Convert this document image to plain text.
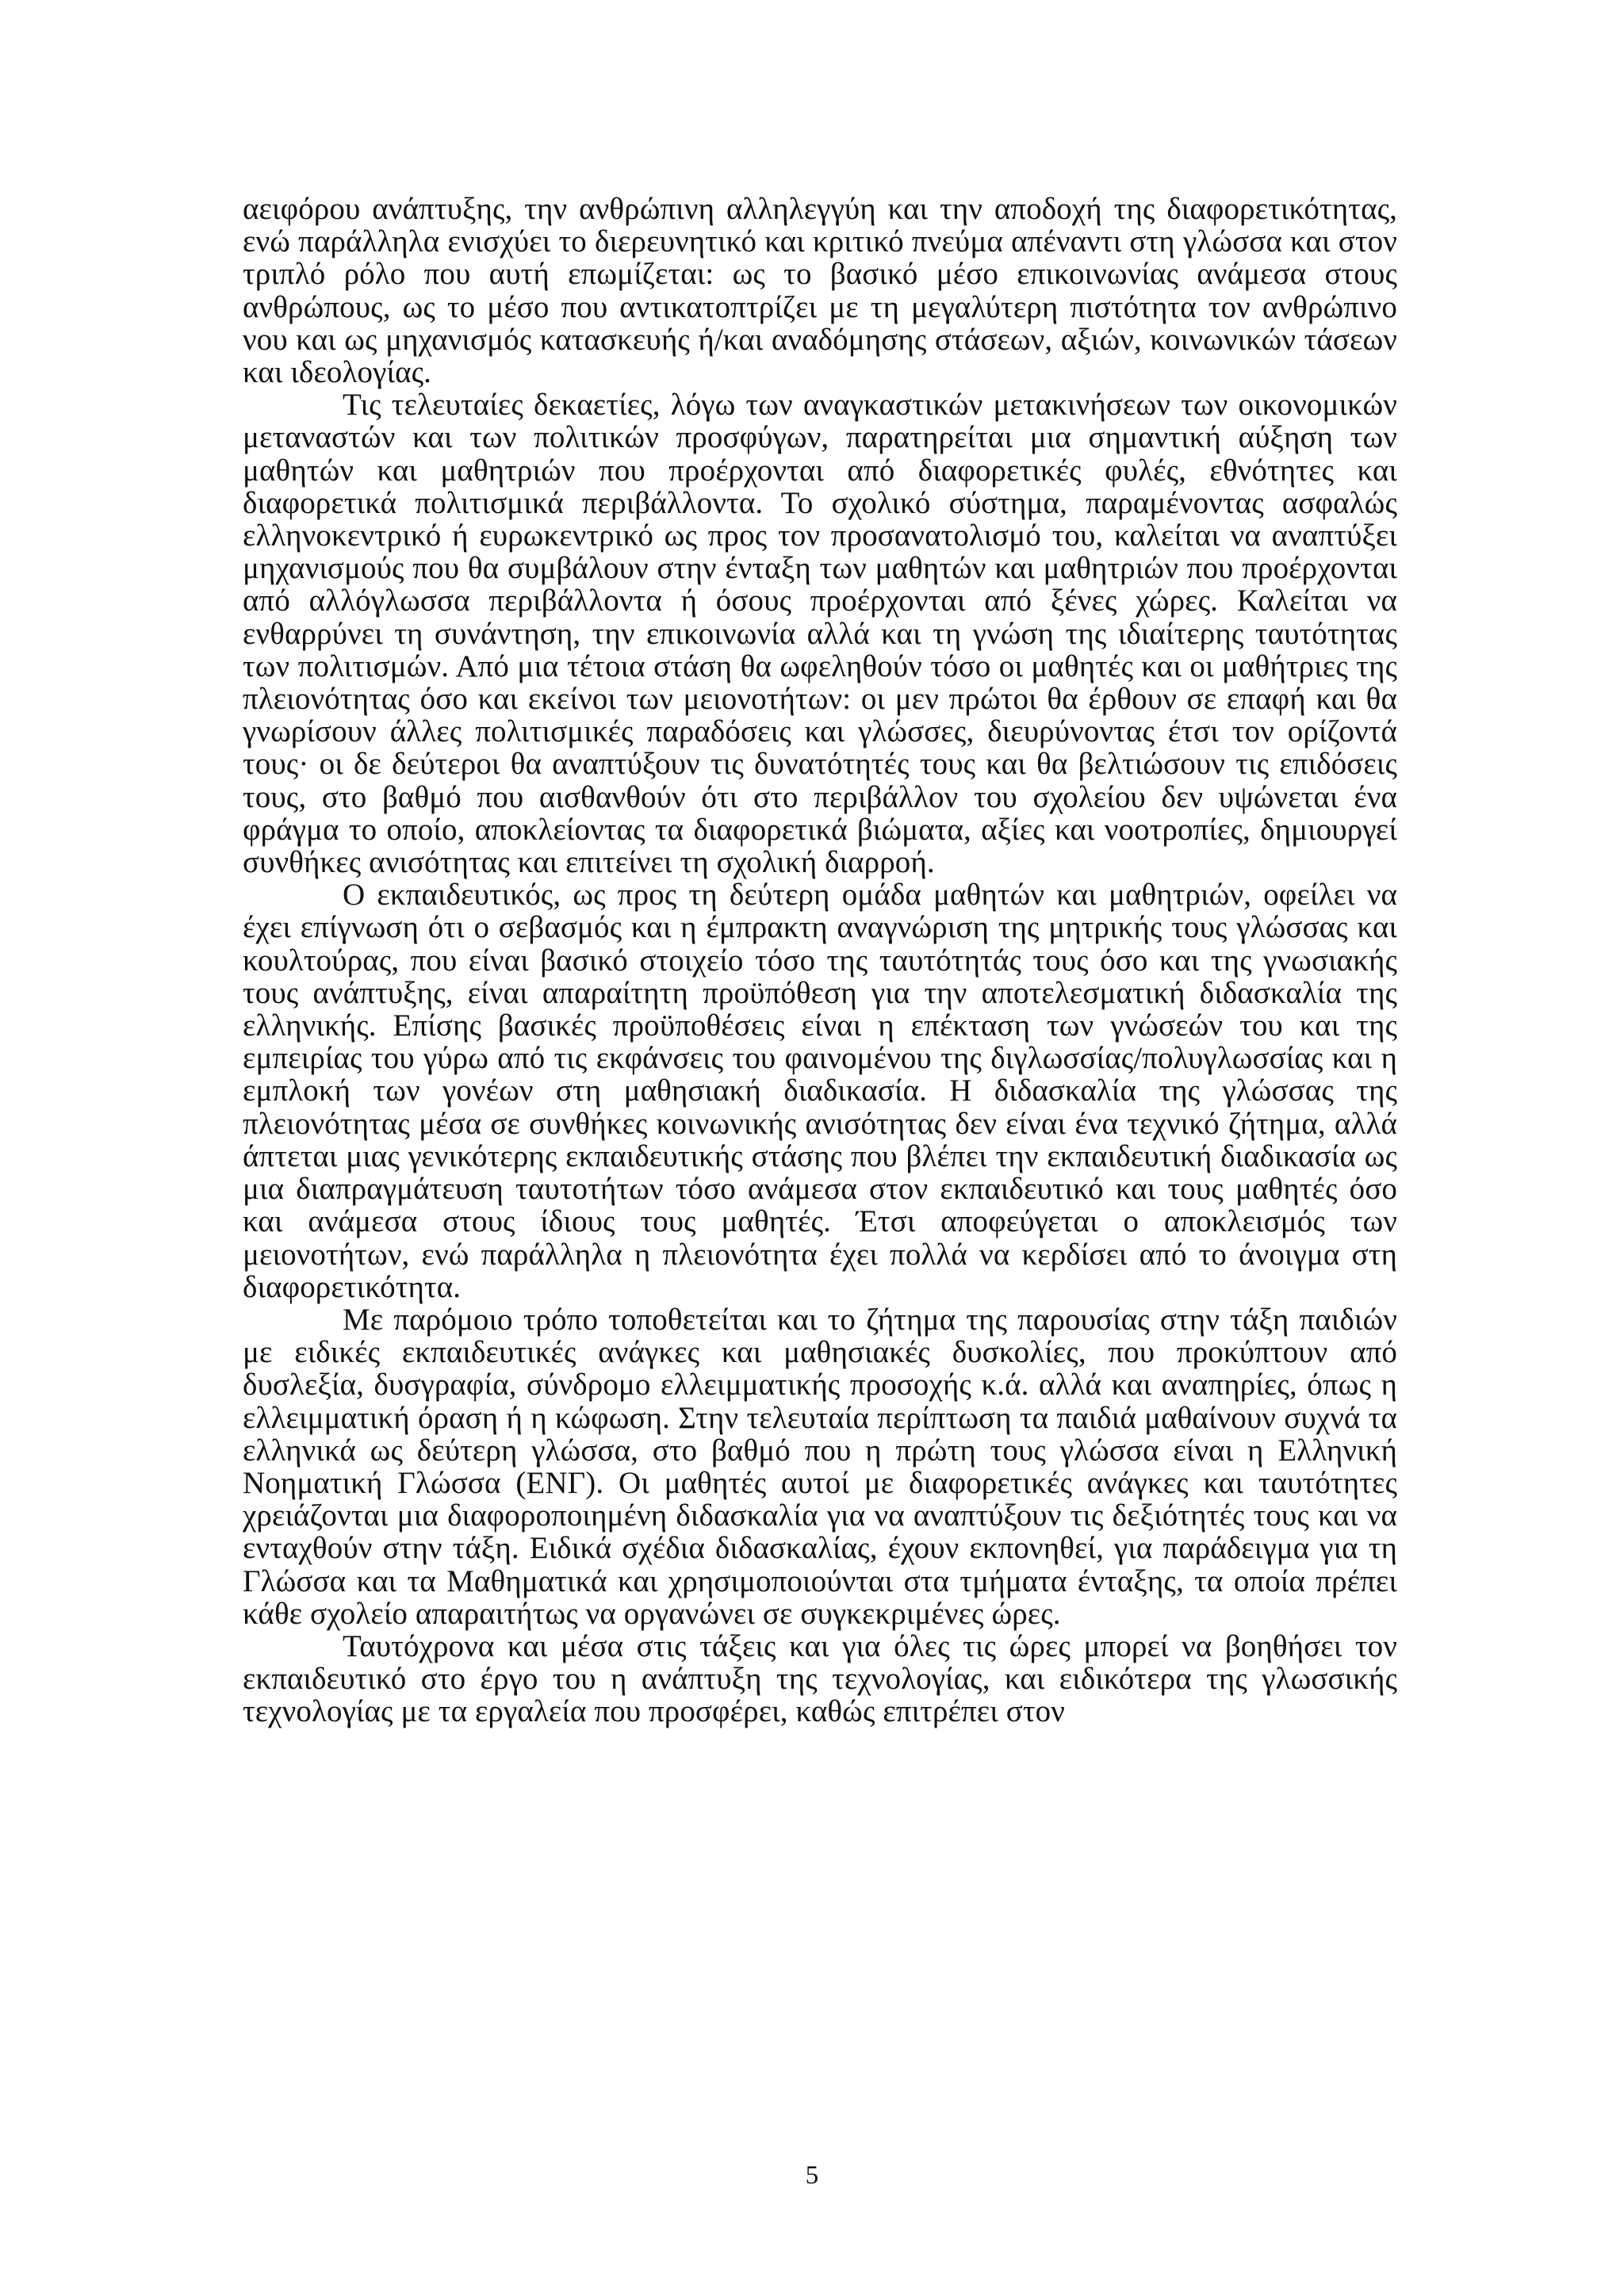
αειφόρου ανάπτυξης, την ανθρώπινη αλληλεγγύη και την αποδοχή της διαφορετικότητας, ενώ παράλληλα ενισχύει το διερευνητικό και κριτικό πνεύμα απέναντι στη γλώσσα και στον τριπλό ρόλο που αυτή επωμίζεται: ως το βασικό μέσο επικοινωνίας ανάμεσα στους ανθρώπους, ως το μέσο που αντικατοπτρίζει με τη μεγαλύτερη πιστότητα τον ανθρώπινο νου και ως μηχανισμός κατασκευής ή/και αναδόμησης στάσεων, αξιών, κοινωνικών τάσεων και ιδεολογίας.

Τις τελευταίες δεκαετίες, λόγω των αναγκαστικών μετακινήσεων των οικονομικών μεταναστών και των πολιτικών προσφύγων, παρατηρείται μια σημαντική αύξηση των μαθητών και μαθητριών που προέρχονται από διαφορετικές φυλές, εθνότητες και διαφορετικά πολιτισμικά περιβάλλοντα. Το σχολικό σύστημα, παραμένοντας ασφαλώς ελληνοκεντρικό ή ευρωκεντρικό ως προς τον προσανατολισμό του, καλείται να αναπτύξει μηχανισμούς που θα συμβάλουν στην ένταξη των μαθητών και μαθητριών που προέρχονται από αλλόγλωσσα περιβάλλοντα ή όσους προέρχονται από ξένες χώρες. Καλείται να ενθαρρύνει τη συνάντηση, την επικοινωνία αλλά και τη γνώση της ιδιαίτερης ταυτότητας των πολιτισμών. Από μια τέτοια στάση θα ωφεληθούν τόσο οι μαθητές και οι μαθήτριες της πλειονότητας όσο και εκείνοι των μειονοτήτων: οι μεν πρώτοι θα έρθουν σε επαφή και θα γνωρίσουν άλλες πολιτισμικές παραδόσεις και γλώσσες, διευρύνοντας έτσι τον ορίζοντά τους· οι δε δεύτεροι θα αναπτύξουν τις δυνατότητές τους και θα βελτιώσουν τις επιδόσεις τους, στο βαθμό που αισθανθούν ότι στο περιβάλλον του σχολείου δεν υψώνεται ένα φράγμα το οποίο, αποκλείοντας τα διαφορετικά βιώματα, αξίες και νοοτροπίες, δημιουργεί συνθήκες ανισότητας και επιτείνει τη σχολική διαρροή.

Ο εκπαιδευτικός, ως προς τη δεύτερη ομάδα μαθητών και μαθητριών, οφείλει να έχει επίγνωση ότι ο σεβασμός και η έμπρακτη αναγνώριση της μητρικής τους γλώσσας και κουλτούρας, που είναι βασικό στοιχείο τόσο της ταυτότητάς τους όσο και της γνωσιακής τους ανάπτυξης, είναι απαραίτητη προϋπόθεση για την αποτελεσματική διδασκαλία της ελληνικής. Επίσης βασικές προϋποθέσεις είναι η επέκταση των γνώσεών του και της εμπειρίας του γύρω από τις εκφάνσεις του φαινομένου της διγλωσσίας/πολυγλωσσίας και η εμπλοκή των γονέων στη μαθησιακή διαδικασία. Η διδασκαλία της γλώσσας της πλειονότητας μέσα σε συνθήκες κοινωνικής ανισότητας δεν είναι ένα τεχνικό ζήτημα, αλλά άπτεται μιας γενικότερης εκπαιδευτικής στάσης που βλέπει την εκπαιδευτική διαδικασία ως μια διαπραγμάτευση ταυτοτήτων τόσο ανάμεσα στον εκπαιδευτικό και τους μαθητές όσο και ανάμεσα στους ίδιους τους μαθητές. Έτσι αποφεύγεται ο αποκλεισμός των μειονοτήτων, ενώ παράλληλα η πλειονότητα έχει πολλά να κερδίσει από το άνοιγμα στη διαφορετικότητα.

Με παρόμοιο τρόπο τοποθετείται και το ζήτημα της παρουσίας στην τάξη παιδιών με ειδικές εκπαιδευτικές ανάγκες και μαθησιακές δυσκολίες, που προκύπτουν από δυσλεξία, δυσγραφία, σύνδρομο ελλειμματικής προσοχής κ.ά. αλλά και αναπηρίες, όπως η ελλειμματική όραση ή η κώφωση. Στην τελευταία περίπτωση τα παιδιά μαθαίνουν συχνά τα ελληνικά ως δεύτερη γλώσσα, στο βαθμό που η πρώτη τους γλώσσα είναι η Ελληνική Νοηματική Γλώσσα (ΕΝΓ). Οι μαθητές αυτοί με διαφορετικές ανάγκες και ταυτότητες χρειάζονται μια διαφοροποιημένη διδασκαλία για να αναπτύξουν τις δεξιότητές τους και να ενταχθούν στην τάξη. Ειδικά σχέδια διδασκαλίας, έχουν εκπονηθεί, για παράδειγμα για τη Γλώσσα και τα Μαθηματικά και χρησιμοποιούνται στα τμήματα ένταξης, τα οποία πρέπει κάθε σχολείο απαραιτήτως να οργανώνει σε συγκεκριμένες ώρες.

Ταυτόχρονα και μέσα στις τάξεις και για όλες τις ώρες μπορεί να βοηθήσει τον εκπαιδευτικό στο έργο του η ανάπτυξη της τεχνολογίας, και ειδικότερα της γλωσσικής τεχνολογίας με τα εργαλεία που προσφέρει, καθώς επιτρέπει στον

5
